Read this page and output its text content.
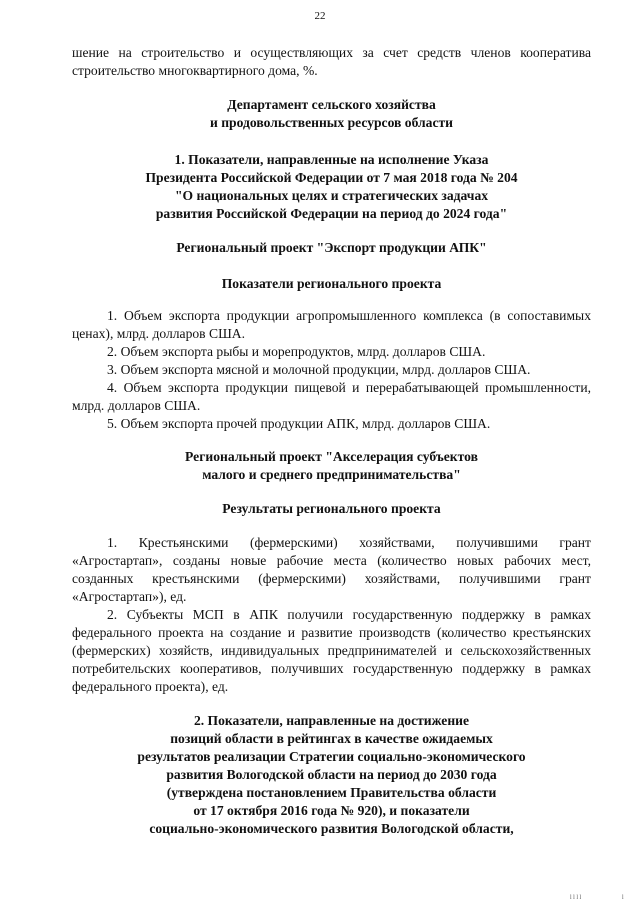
22

шение на строительство и осуществляющих за счет средств членов кооператива строительство многоквартирного дома, %.

Департамент сельского хозяйства
и продовольственных ресурсов области
1. Показатели, направленные на исполнение Указа
Президента Российской Федерации от 7 мая 2018 года № 204
"О национальных целях и стратегических задачах
развития Российской Федерации на период до 2024 года"
Региональный проект "Экспорт продукции АПК"
Показатели регионального проекта

1. Объем экспорта продукции агропромышленного комплекса (в сопоставимых ценах), млрд. долларов США.

2. Объем экспорта рыбы и морепродуктов, млрд. долларов США.

3. Объем экспорта мясной и молочной продукции, млрд. долларов США.

4. Объем экспорта продукции пищевой и перерабатывающей промышленности, млрд. долларов США.

5. Объем экспорта прочей продукции АПК, млрд. долларов США.

Региональный проект "Акселерация субъектов
малого и среднего предпринимательства"
Результаты регионального проекта

1. Крестьянскими (фермерскими) хозяйствами, получившими грант «Агростартап», созданы новые рабочие места (количество новых рабочих мест, созданных крестьянскими (фермерскими) хозяйствами, получившими грант «Агростартап»), ед.

2. Субъекты МСП в АПК получили государственную поддержку в рамках федерального проекта на создание и развитие производств (количество крестьянских (фермерских) хозяйств, индивидуальных предпринимателей и сельскохозяйственных потребительских кооперативов, получивших государственную поддержку в рамках федерального проекта), ед.

2. Показатели, направленные на достижение
позиций области в рейтингах в качестве ожидаемых
результатов реализации Стратегии социально-экономического
развития Вологодской области на период до 2030 года
(утверждена постановлением Правительства области
от 17 октября 2016 года № 920), и показатели
социально-экономического развития Вологодской области,
l l l l	l
